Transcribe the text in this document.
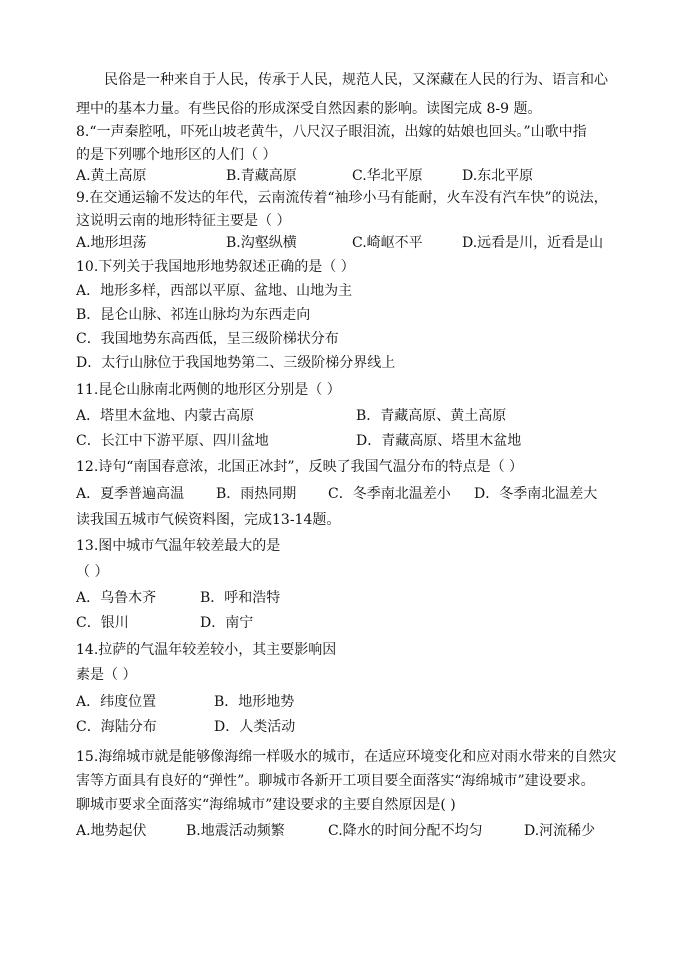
民俗是一种来自于人民，传承于人民，规范人民，又深藏在人民的行为、语言和心
理中的基本力量。有些民俗的形成深受自然因素的影响。读图完成 8-9 题。
8.“一声秦腔吼，吓死山坡老黄牛，八尺汉子眼泪流，出嫁的姑娘也回头。”山歌中指
的是下列哪个地形区的人们（ ）
A.黄土高原	B.青藏高原	C.华北平原	D.东北平原
9.在交通运输不发达的年代，云南流传着“袖珍小马有能耐，火车没有汽车快”的说法，
这说明云南的地形特征主要是（ ）
A.地形坦荡	B.沟壑纵横	C.崎岖不平	D.远看是川，近看是山
10.下列关于我国地形地势叙述正确的是（ ）
A．地形多样，西部以平原、盆地、山地为主
B．昆仑山脉、祁连山脉均为东西走向
C．我国地势东高西低，呈三级阶梯状分布
D．太行山脉位于我国地势第二、三级阶梯分界线上
11.昆仑山脉南北两侧的地形区分别是（ ）
A．塔里木盆地、内蒙古高原	B．青藏高原、黄土高原
C．长江中下游平原、四川盆地	D．青藏高原、塔里木盆地
12.诗句“南国春意浓，北国正冰封”，反映了我国气温分布的特点是（ ）
A．夏季普遍高温 B．雨热同期 C．冬季南北温差小 D．冬季南北温差大
读我国五城市气候资料图，完成13-14题。
13.图中城市气温年较差最大的是
（ ）
A．乌鲁木齐	B．呼和浩特
C．银川	D．南宁
14.拉萨的气温年较差较小，其主要影响因
素是（ ）
A．纬度位置	B．地形地势
C．海陆分布	D．人类活动
15.海绵城市就是能够像海绵一样吸水的城市，在适应环境变化和应对雨水带来的自然灾
害等方面具有良好的“弹性”。聊城市各新开工项目要全面落实“海绵城市”建设要求。
聊城市要求全面落实“海绵城市”建设要求的主要自然原因是( )
A.地势起伏	B.地震活动频繁	C.降水的时间分配不均匀	D.河流稀少
